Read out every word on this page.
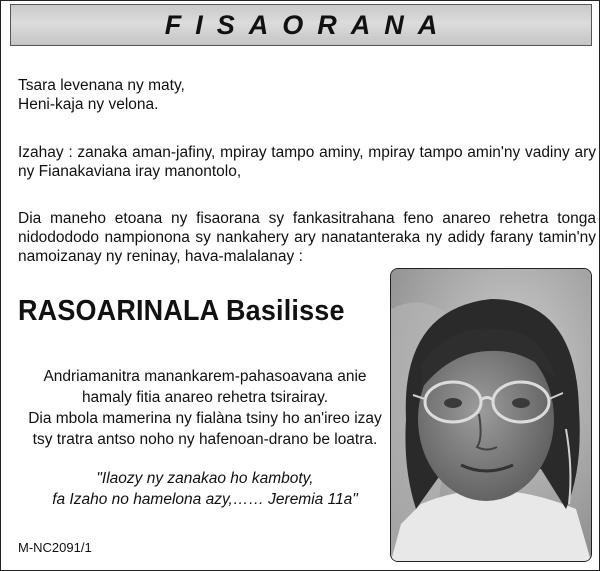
FISAORANA
Tsara levenana ny maty,
Heni-kaja ny velona.
Izahay : zanaka aman-jafiny, mpiray tampo aminy, mpiray tampo amin'ny vadiny ary ny Fianakaviana iray manontolo,
Dia maneho etoana ny fisaorana sy fankasitrahana feno anareo rehetra tonga nidodododo nampionona sy nankahery ary nanatanteraka ny adidy farany tamin'ny namoizanay ny reninay, hava-malalanay :
RASOARINALA Basilisse
Andriamanitra manankarem-pahasoavana anie
hamaly fitia anareo rehetra tsirairay.
Dia mbola mamerina ny fialàna tsiny ho an'ireo izay
tsy tratra antso noho ny hafenoan-drano be loatra.
"Ilaozy ny zanakao ho kamboty,
fa Izaho no hamelona azy,…… Jeremia 11a"
M-NC2091/1
